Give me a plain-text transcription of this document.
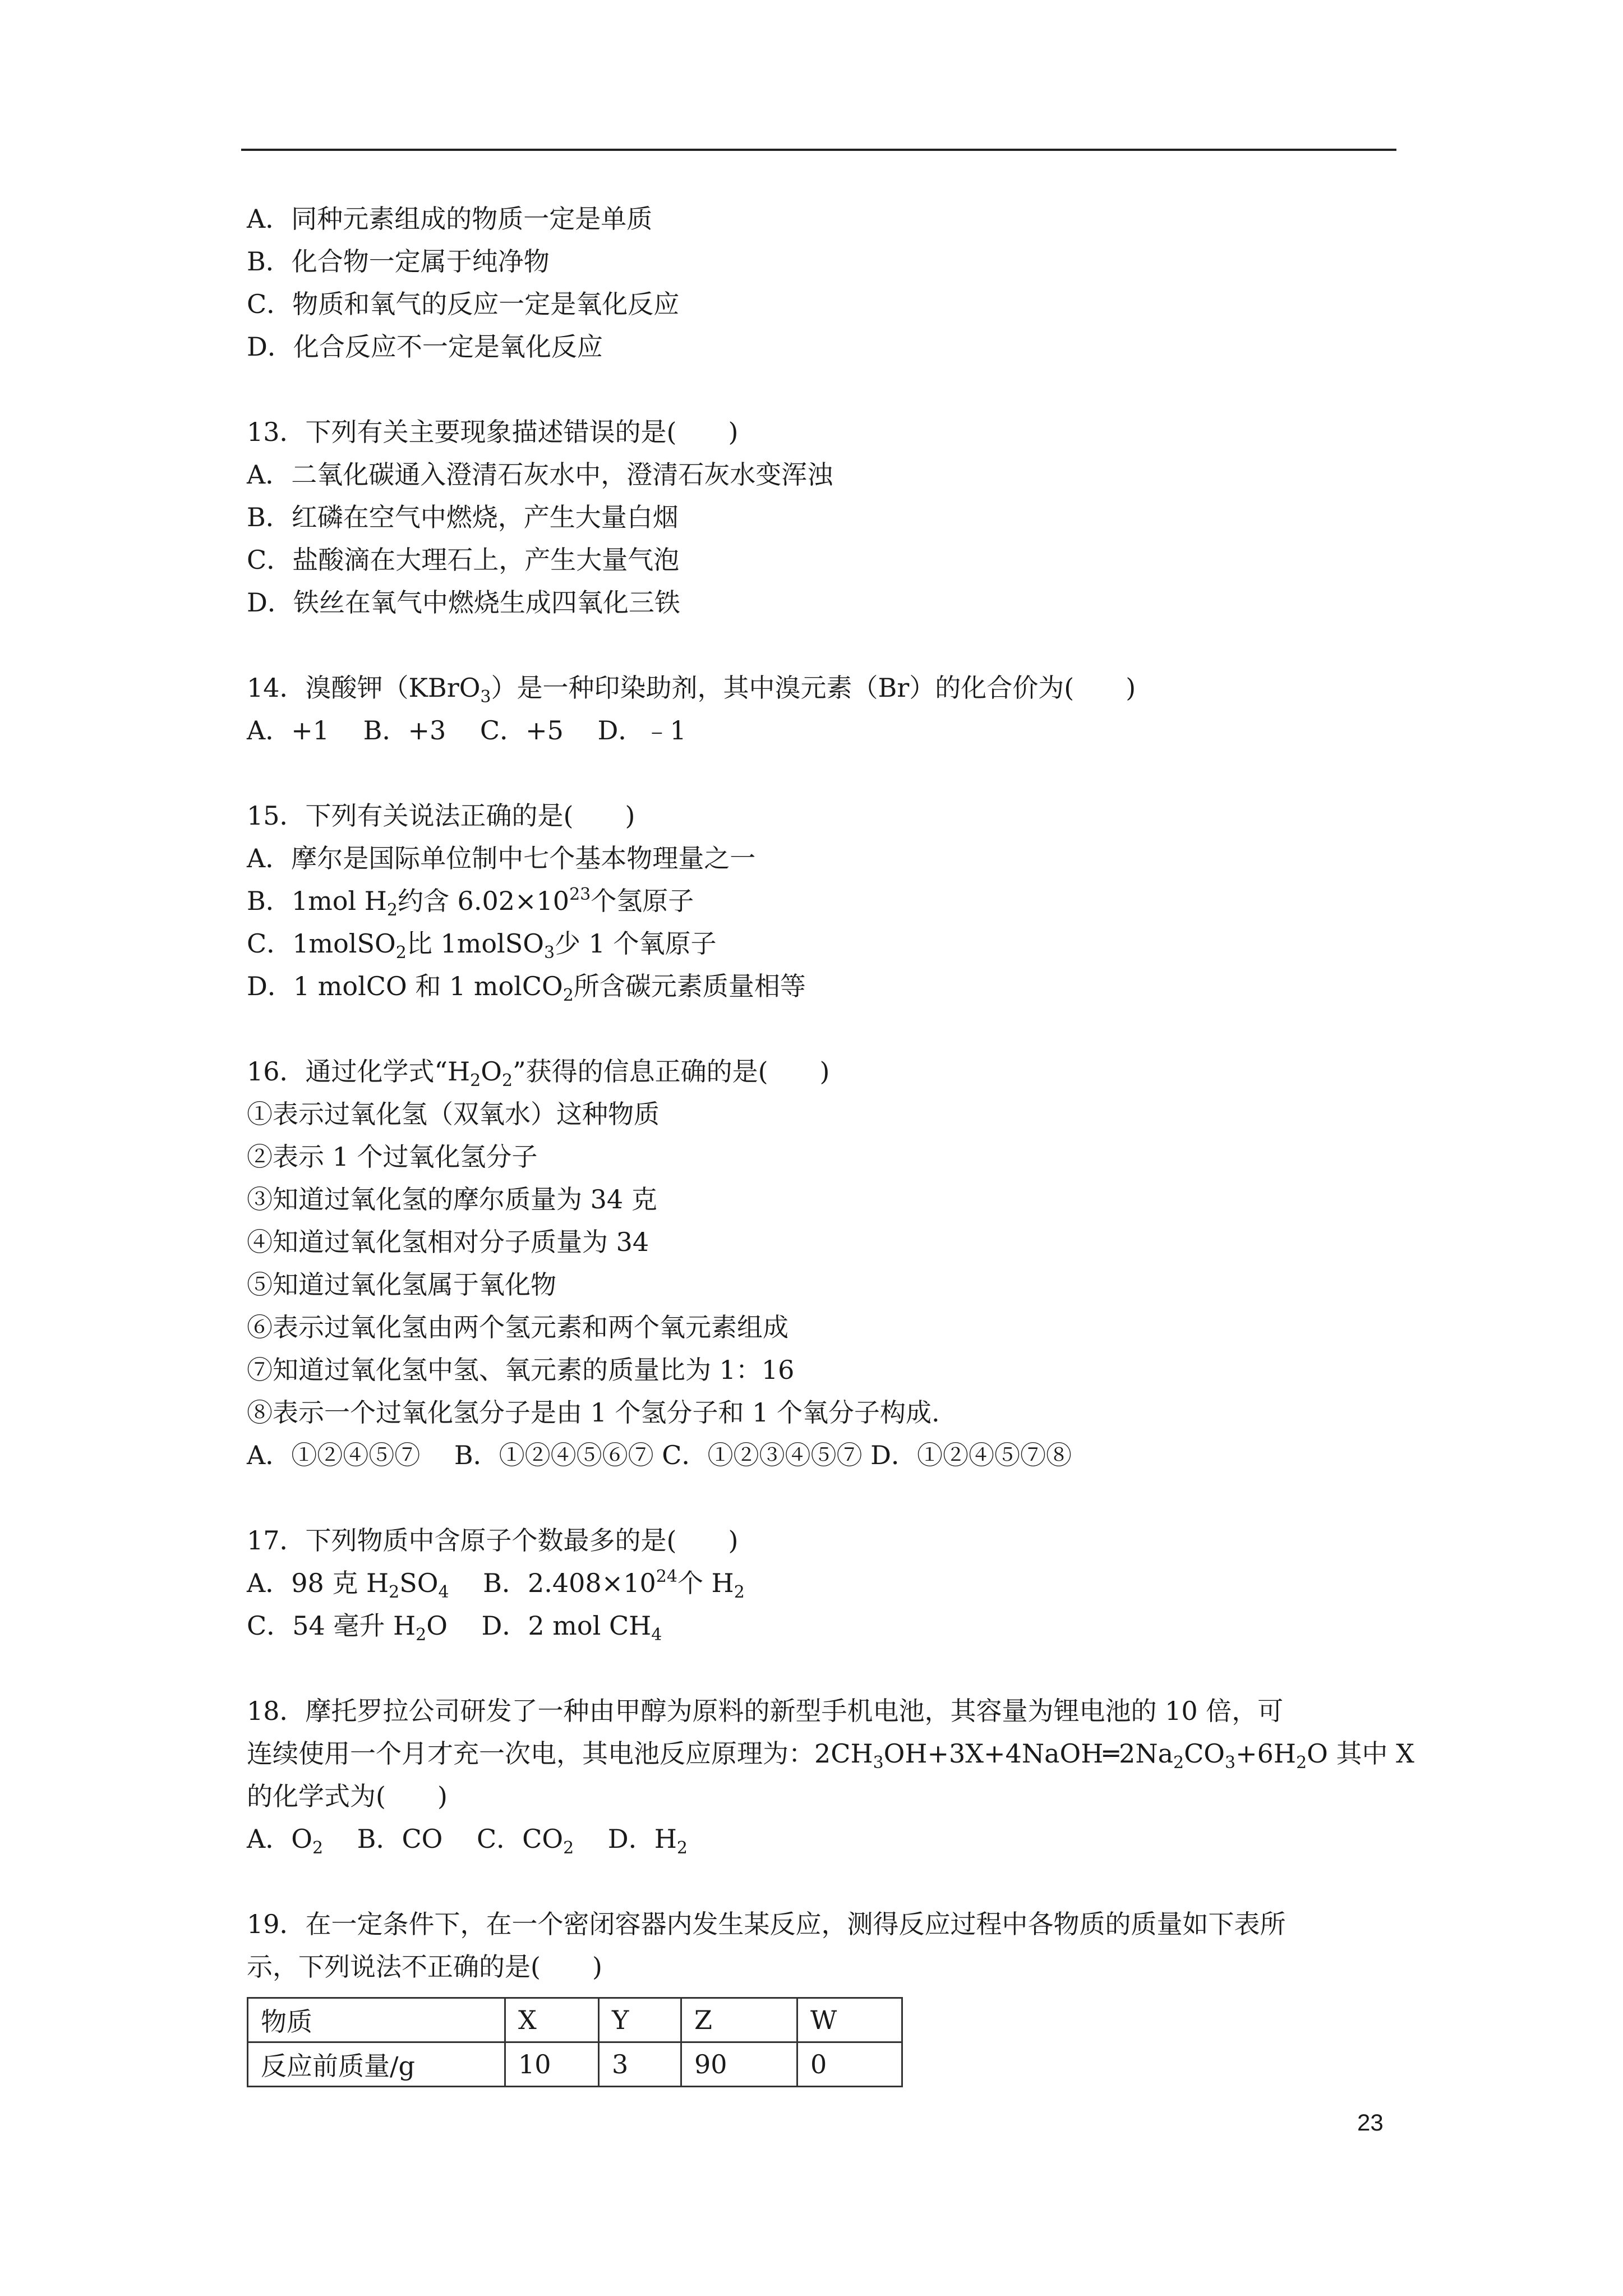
A．同种元素组成的物质一定是单质
B．化合物一定属于纯净物
C．物质和氧气的反应一定是氧化反应
D．化合反应不一定是氧化反应
13．下列有关主要现象描述错误的是(　　)
A．二氧化碳通入澄清石灰水中，澄清石灰水变浑浊
B．红磷在空气中燃烧，产生大量白烟
C．盐酸滴在大理石上，产生大量气泡
D．铁丝在氧气中燃烧生成四氧化三铁
14．溴酸钾（KBrO$_3$）是一种印染助剂，其中溴元素（Br）的化合价为(　　)
A．+1　 B．+3　 C．+5　 D．﹣1
15．下列有关说法正确的是(　　)
A．摩尔是国际单位制中七个基本物理量之一
B．1mol $H_2$约含 $6.02\times 10^{23}$个氢原子
C．1molSO$_2$比 1molSO$_3$少 1 个氧原子
D．1 molCO 和 1 molCO$_2$所含碳元素质量相等
16．通过化学式“$H_2O_2$”获得的信息正确的是(　　)
①表示过氧化氢（双氧水）这种物质
②表示 1 个过氧化氢分子
③知道过氧化氢的摩尔质量为 34 克
④知道过氧化氢相对分子质量为 34
⑤知道过氧化氢属于氧化物
⑥表示过氧化氢由两个氢元素和两个氧元素组成
⑦知道过氧化氢中氢、氧元素的质量比为 1：16
⑧表示一个过氧化氢分子是由 1 个氢分子和 1 个氧分子构成.
A．①②④⑤⑦　 B．①②④⑤⑥⑦ C．①②③④⑤⑦ D．①②④⑤⑦⑧
17．下列物质中含原子个数最多的是(　　)
A．98 克 $H_2SO_4$　 B．$2.408\times 10^{24}$个 $H_2$
C．54 毫升 $H_2O$　 D．2 mol $CH_4$
18．摩托罗拉公司研发了一种由甲醇为原料的新型手机电池，其容量为锂电池的 10 倍，可
连续使用一个月才充一次电，其电池反应原理为：$2CH_3OH+3X+4NaOH═2Na_2CO_3+6H_2O$ 其中 X
的化学式为(　　)
A．$O_2$　 B．CO　 C．$CO_2$　 D．$H_2$
19．在一定条件下，在一个密闭容器内发生某反应，测得反应过程中各物质的质量如下表所
示，下列说法不正确的是(　　)
物质	X	Y	Z	W
反应前质量/g	10	3	90	0
23
